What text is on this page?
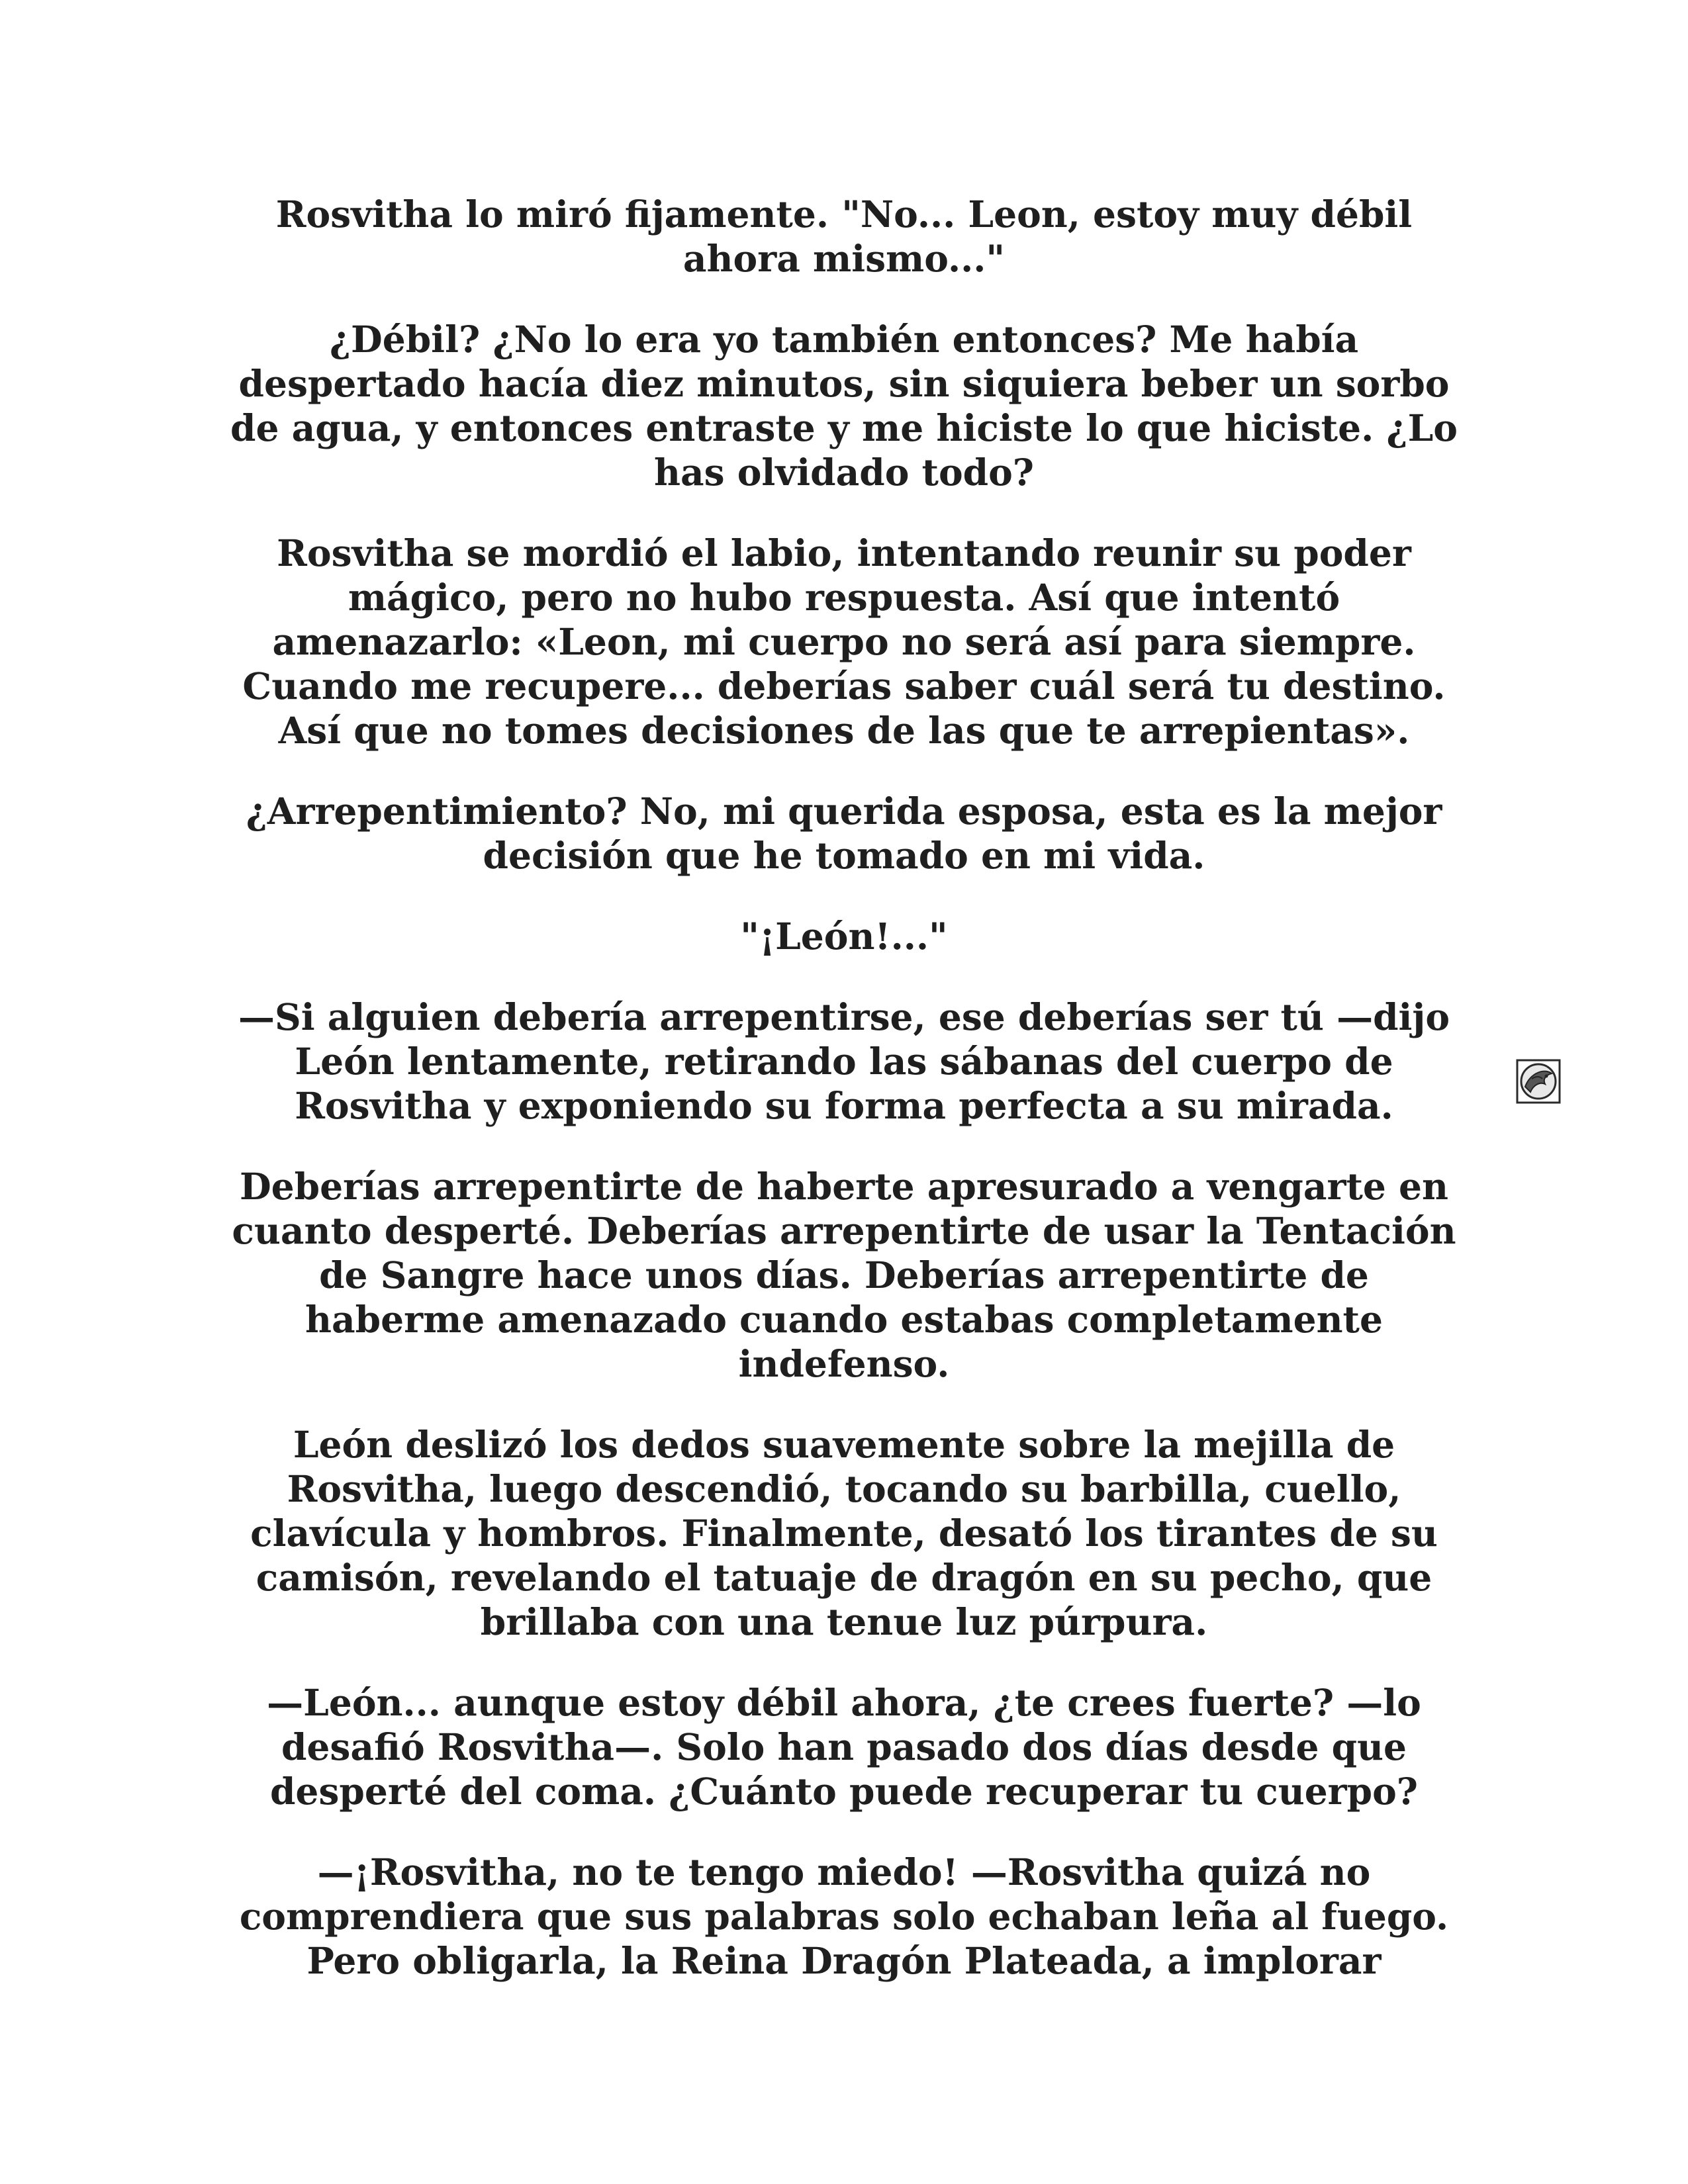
Rosvitha lo miró fijamente. "No... Leon, estoy muy débil ahora mismo..."

¿Débil? ¿No lo era yo también entonces? Me había despertado hacía diez minutos, sin siquiera beber un sorbo de agua, y entonces entraste y me hiciste lo que hiciste. ¿Lo has olvidado todo?

Rosvitha se mordió el labio, intentando reunir su poder mágico, pero no hubo respuesta. Así que intentó amenazarlo: «Leon, mi cuerpo no será así para siempre. Cuando me recupere... deberías saber cuál será tu destino. Así que no tomes decisiones de las que te arrepientas».

¿Arrepentimiento? No, mi querida esposa, esta es la mejor decisión que he tomado en mi vida.

"¡León!..."

—Si alguien debería arrepentirse, ese deberías ser tú —dijo León lentamente, retirando las sábanas del cuerpo de Rosvitha y exponiendo su forma perfecta a su mirada.

Deberías arrepentirte de haberte apresurado a vengarte en cuanto desperté. Deberías arrepentirte de usar la Tentación de Sangre hace unos días. Deberías arrepentirte de haberme amenazado cuando estabas completamente indefenso.

León deslizó los dedos suavemente sobre la mejilla de Rosvitha, luego descendió, tocando su barbilla, cuello, clavícula y hombros. Finalmente, desató los tirantes de su camisón, revelando el tatuaje de dragón en su pecho, que brillaba con una tenue luz púrpura.

—León... aunque estoy débil ahora, ¿te crees fuerte? —lo desafió Rosvitha—. Solo han pasado dos días desde que desperté del coma. ¿Cuánto puede recuperar tu cuerpo?

—¡Rosvitha, no te tengo miedo! —Rosvitha quizá no comprendiera que sus palabras solo echaban leña al fuego. Pero obligarla, la Reina Dragón Plateada, a implorar
